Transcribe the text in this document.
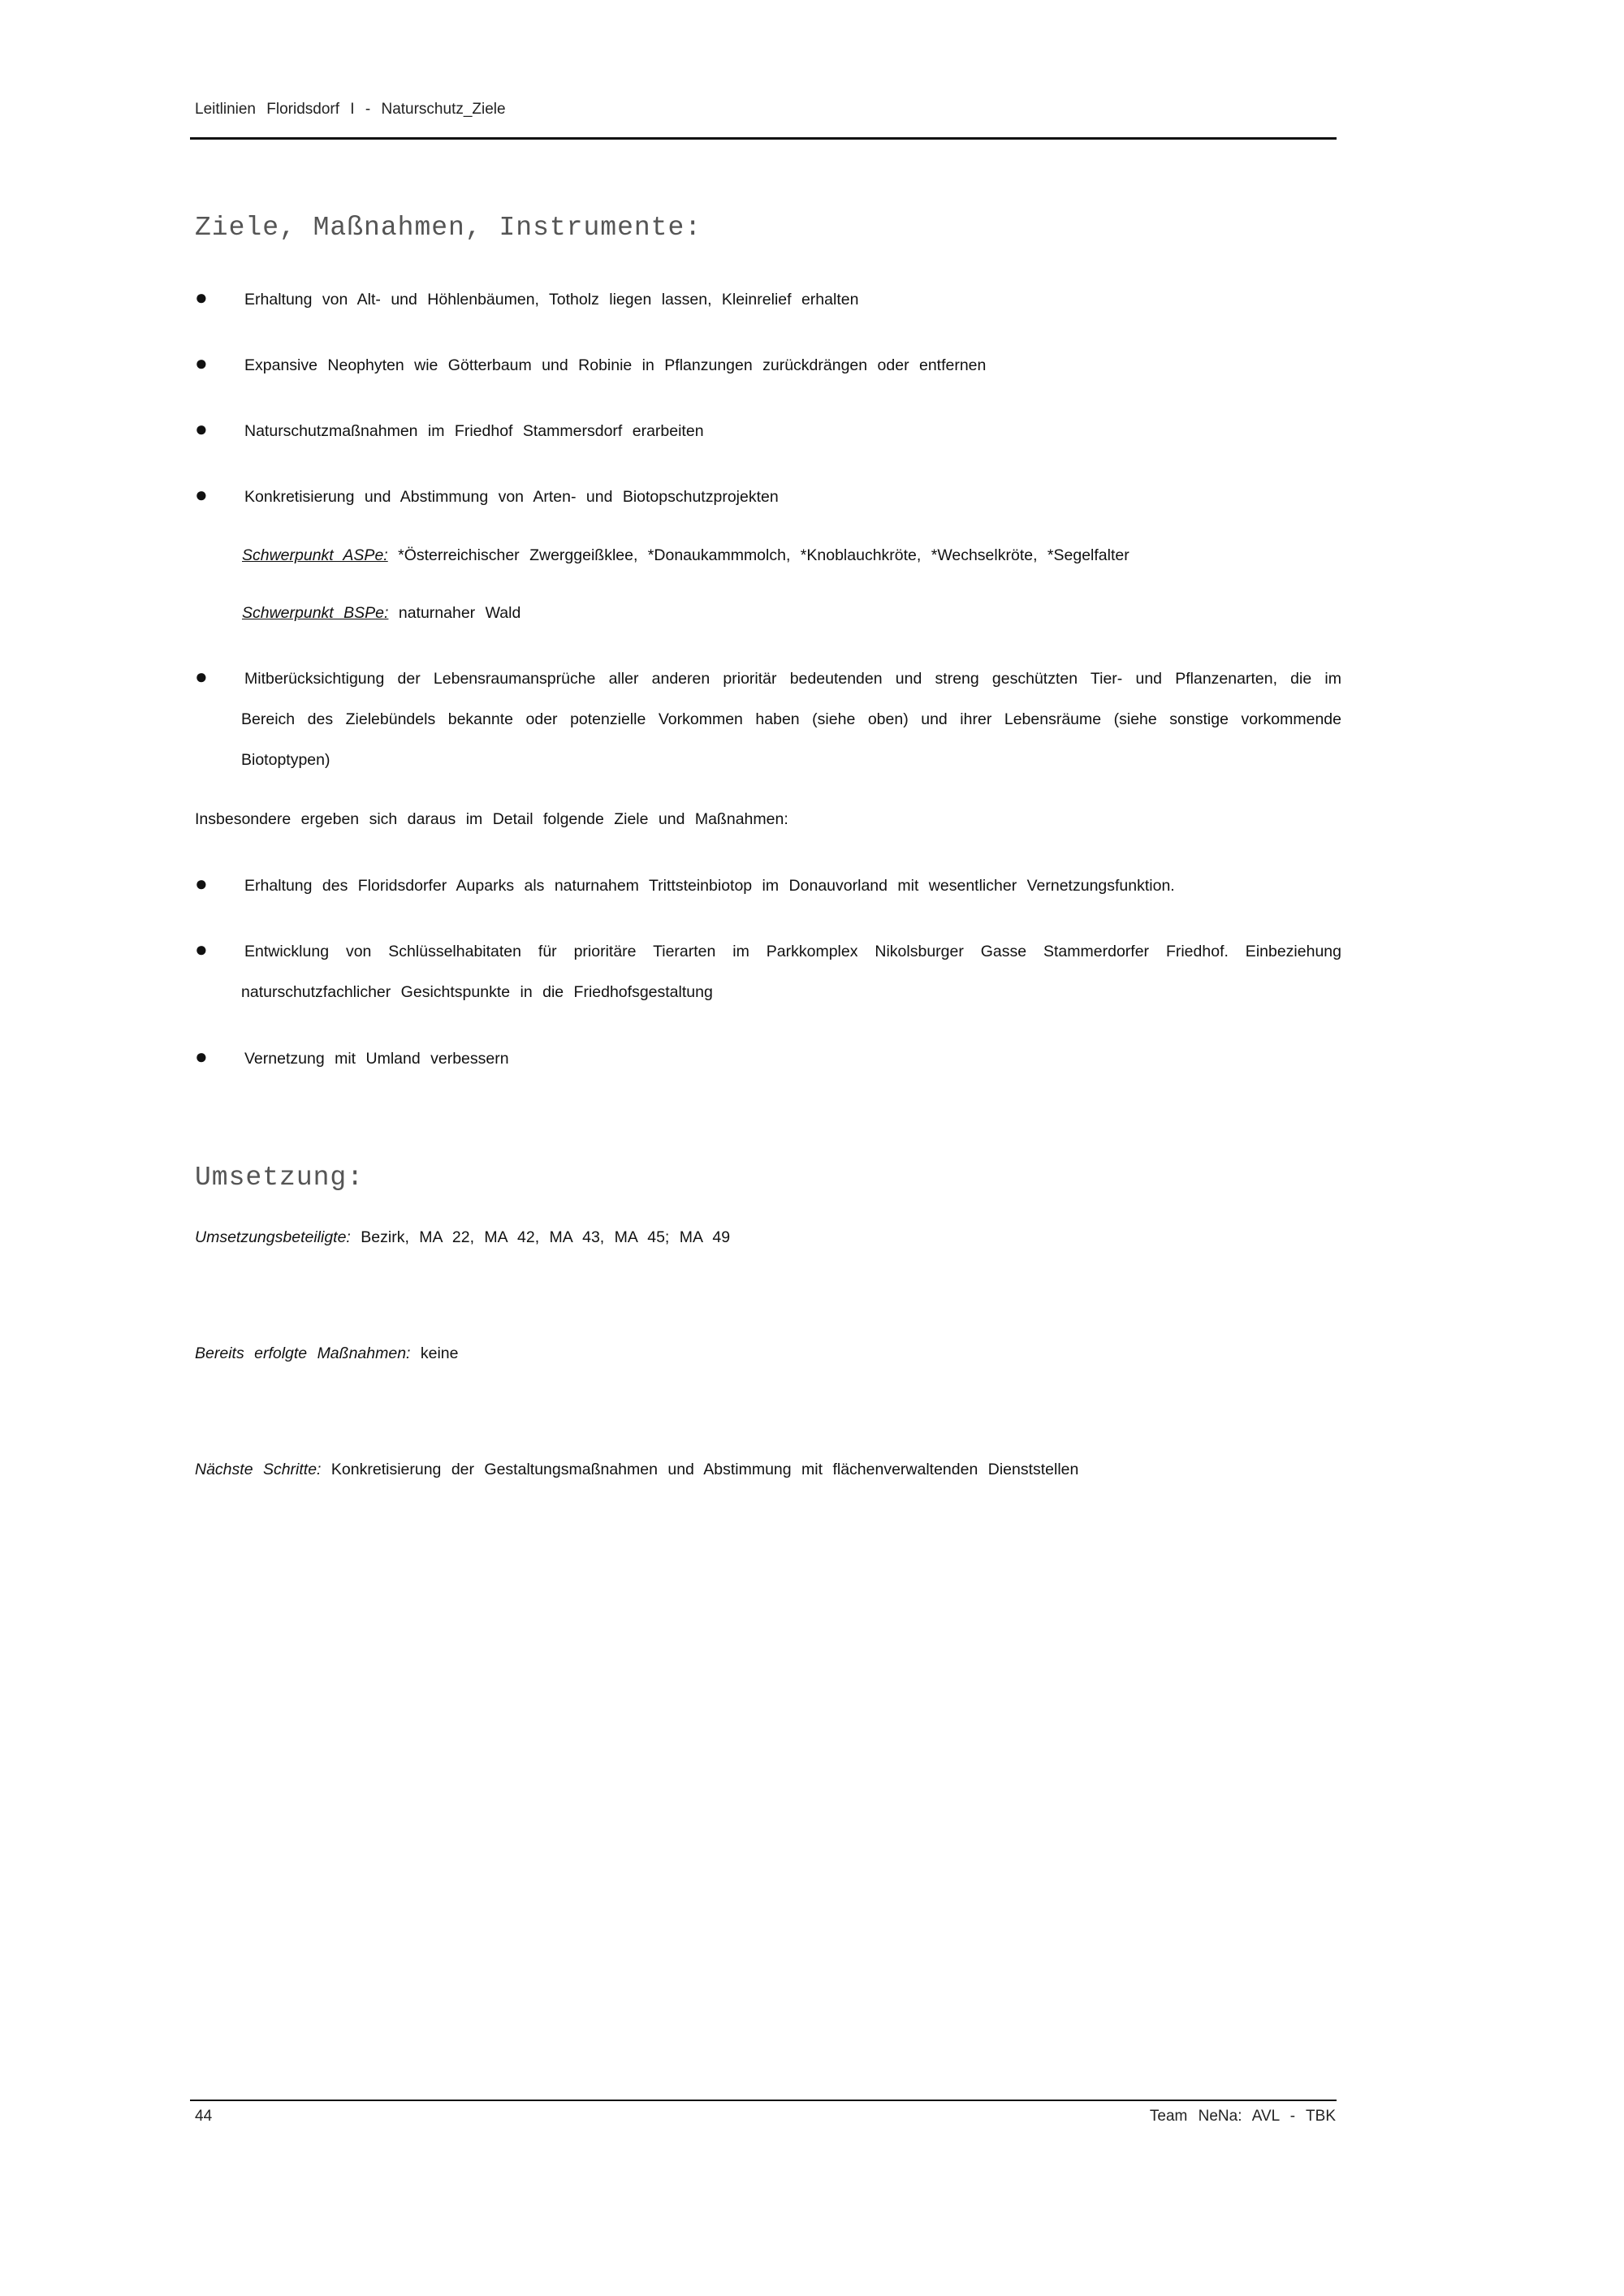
Leitlinien Floridsdorf I - Naturschutz_Ziele
Ziele, Maßnahmen, Instrumente:
● Erhaltung von Alt- und Höhlenbäumen, Totholz liegen lassen, Kleinrelief erhalten
● Expansive Neophyten wie Götterbaum und Robinie in Pflanzungen zurückdrängen oder entfernen
● Naturschutzmaßnahmen im Friedhof Stammersdorf erarbeiten
● Konkretisierung und Abstimmung von Arten- und Biotopschutzprojekten
Schwerpunkt ASPe: *Österreichischer Zwerggeißklee, *Donaukammmolch, *Knoblauchkröte, *Wechselkröte, *Segelfalter
Schwerpunkt BSPe: naturnaher Wald
● Mitberücksichtigung der Lebensraumansprüche aller anderen prioritär bedeutenden und streng geschützten Tier- und Pflanzenarten, die im Bereich des Zielebündels bekannte oder potenzielle Vorkommen haben (siehe oben) und ihrer Lebensräume (siehe sonstige vorkommende Biotoptypen)
Insbesondere ergeben sich daraus im Detail folgende Ziele und Maßnahmen:
● Erhaltung des Floridsdorfer Auparks als naturnahem Trittsteinbiotop im Donauvorland mit wesentlicher Vernetzungsfunktion.
● Entwicklung von Schlüsselhabitaten für prioritäre Tierarten im Parkkomplex Nikolsburger Gasse Stammerdorfer Friedhof. Einbeziehung naturschutzfachlicher Gesichtspunkte in die Friedhofsgestaltung
● Vernetzung mit Umland verbessern
Umsetzung:
Umsetzungsbeteiligte: Bezirk, MA 22, MA 42, MA 43, MA 45; MA 49
Bereits erfolgte Maßnahmen: keine
Nächste Schritte: Konkretisierung der Gestaltungsmaßnahmen und Abstimmung mit flächenverwaltenden Dienststellen
44	Team NeNa: AVL - TBK
